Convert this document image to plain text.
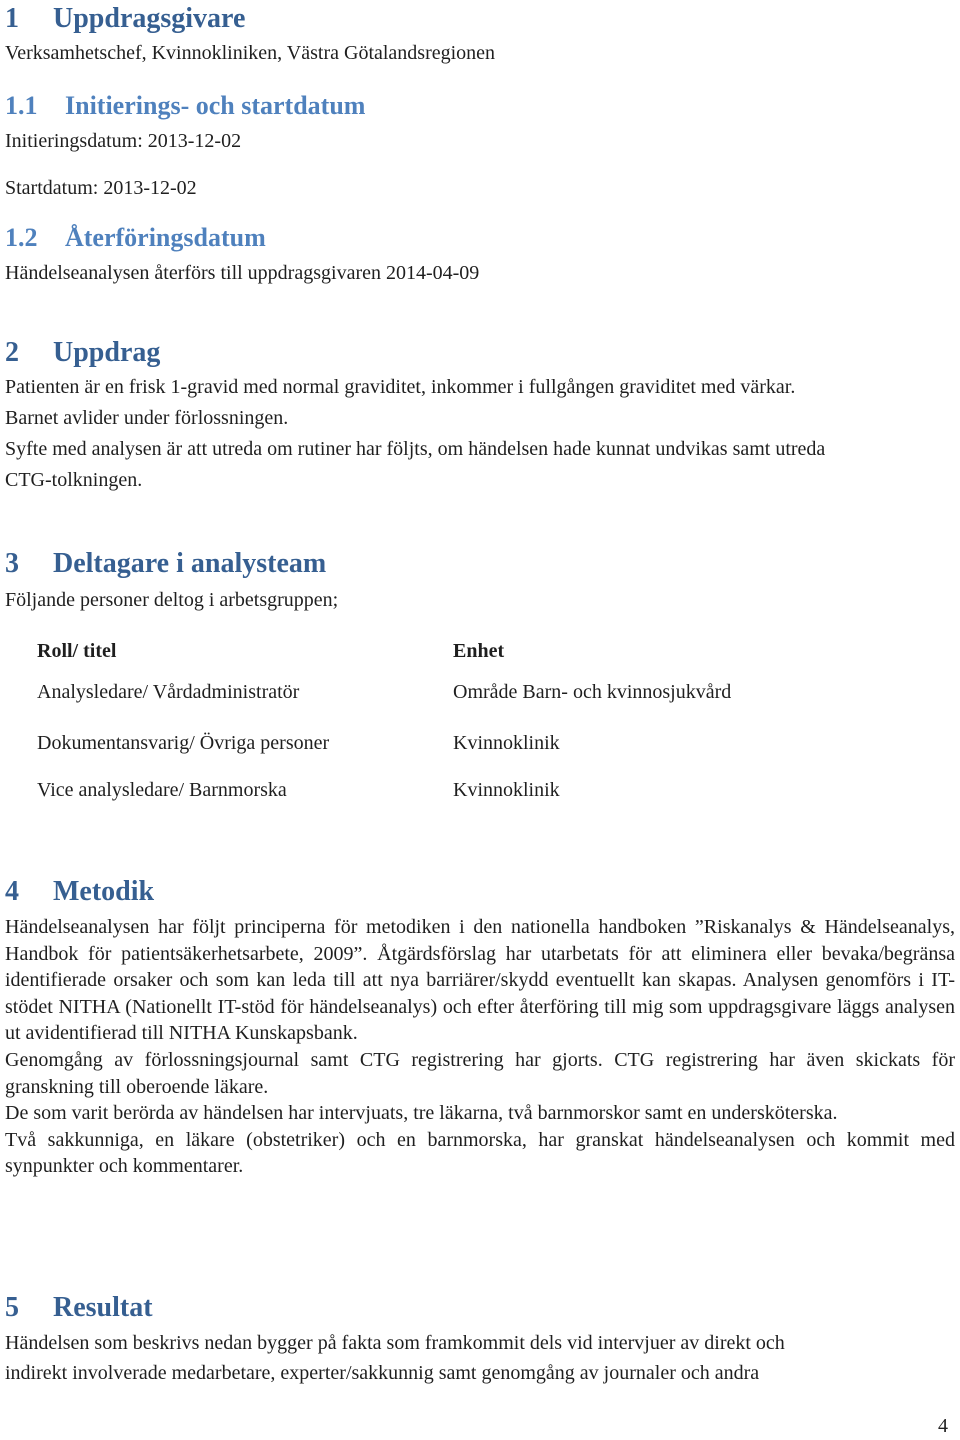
1 Uppdragsgivare

Verksamhetschef, Kvinnokliniken, Västra Götalandsregionen

1.1 Initierings- och startdatum

Initieringsdatum: 2013-12-02

Startdatum: 2013-12-02

1.2 Återföringsdatum

Händelseanalysen återförs till uppdragsgivaren 2014-04-09

2 Uppdrag

Patienten är en frisk 1-gravid med normal graviditet, inkommer i fullgången graviditet med värkar.

Barnet avlider under förlossningen.

Syfte med analysen är att utreda om rutiner har följts, om händelsen hade kunnat undvikas samt utreda

CTG-tolkningen.

3 Deltagare i analysteam

Följande personer deltog i arbetsgruppen;

Roll/ titel	Enhet

Analysledare/ Vårdadministratör	Område Barn- och kvinnosjukvård

Dokumentansvarig/ Övriga personer	Kvinnoklinik

Vice analysledare/ Barnmorska	Kvinnoklinik

4 Metodik

Händelseanalysen har följt principerna för metodiken i den nationella handboken ”Riskanalys & Händelseanalys, Handbok för patientsäkerhetsarbete, 2009”. Åtgärdsförslag har utarbetats för att eliminera eller bevaka/begränsa identifierade orsaker och som kan leda till att nya barriärer/skydd eventuellt kan skapas. Analysen genomförs i IT-stödet NITHA (Nationellt IT-stöd för händelseanalys) och efter återföring till mig som uppdragsgivare läggs analysen ut avidentifierad till NITHA Kunskapsbank.

Genomgång av förlossningsjournal samt CTG registrering har gjorts. CTG registrering har även skickats för granskning till oberoende läkare.

De som varit berörda av händelsen har intervjuats, tre läkarna, två barnmorskor samt en undersköterska.

Två sakkunniga, en läkare (obstetriker) och en barnmorska, har granskat händelseanalysen och kommit med synpunkter och kommentarer.

5 Resultat

Händelsen som beskrivs nedan bygger på fakta som framkommit dels vid intervjuer av direkt och

indirekt involverade medarbetare, experter/sakkunnig samt genomgång av journaler och andra

4
